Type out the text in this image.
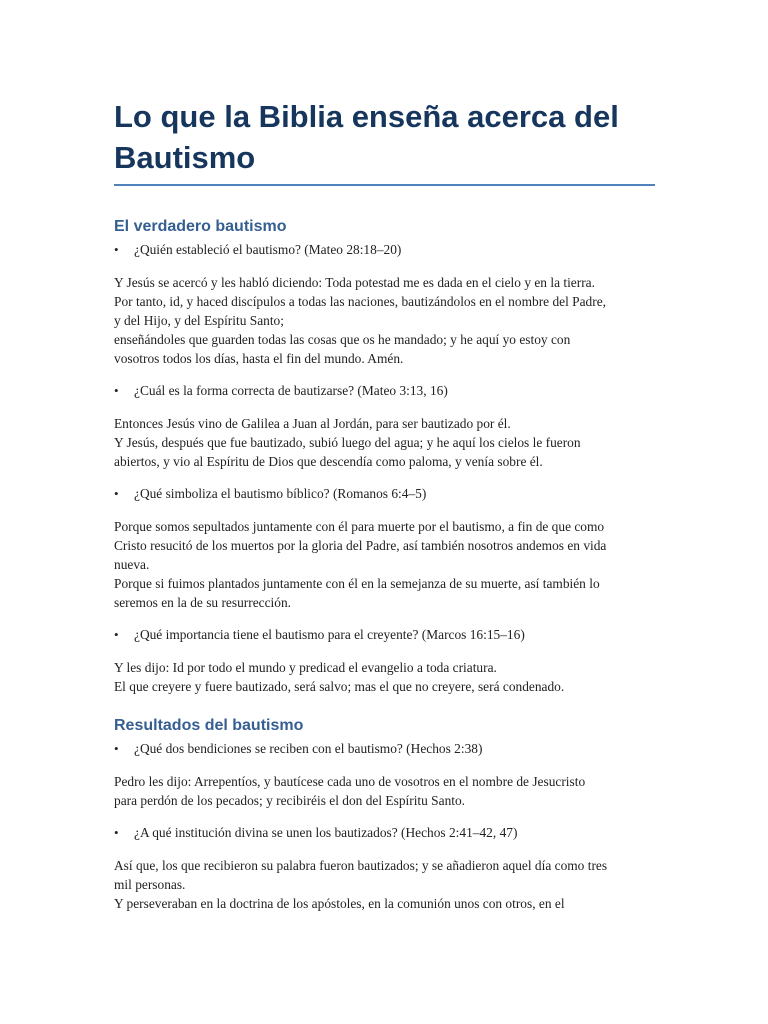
Lo que la Biblia enseña acerca del
Bautismo
El verdadero bautismo

• ¿Quién estableció el bautismo? (Mateo 28:18–20)

Y Jesús se acercó y les habló diciendo: Toda potestad me es dada en el cielo y en la tierra.
Por tanto, id, y haced discípulos a todas las naciones, bautizándolos en el nombre del Padre,
y del Hijo, y del Espíritu Santo;
enseñándoles que guarden todas las cosas que os he mandado; y he aquí yo estoy con
vosotros todos los días, hasta el fin del mundo. Amén.

• ¿Cuál es la forma correcta de bautizarse? (Mateo 3:13, 16)

Entonces Jesús vino de Galilea a Juan al Jordán, para ser bautizado por él.
Y Jesús, después que fue bautizado, subió luego del agua; y he aquí los cielos le fueron
abiertos, y vio al Espíritu de Dios que descendía como paloma, y venía sobre él.

• ¿Qué simboliza el bautismo bíblico? (Romanos 6:4–5)

Porque somos sepultados juntamente con él para muerte por el bautismo, a fin de que como
Cristo resucitó de los muertos por la gloria del Padre, así también nosotros andemos en vida
nueva.
Porque si fuimos plantados juntamente con él en la semejanza de su muerte, así también lo
seremos en la de su resurrección.

• ¿Qué importancia tiene el bautismo para el creyente? (Marcos 16:15–16)

Y les dijo: Id por todo el mundo y predicad el evangelio a toda criatura.
El que creyere y fuere bautizado, será salvo; mas el que no creyere, será condenado.

Resultados del bautismo

• ¿Qué dos bendiciones se reciben con el bautismo? (Hechos 2:38)

Pedro les dijo: Arrepentíos, y bautícese cada uno de vosotros en el nombre de Jesucristo
para perdón de los pecados; y recibiréis el don del Espíritu Santo.

• ¿A qué institución divina se unen los bautizados? (Hechos 2:41–42, 47)

Así que, los que recibieron su palabra fueron bautizados; y se añadieron aquel día como tres
mil personas.
Y perseveraban en la doctrina de los apóstoles, en la comunión unos con otros, en el
